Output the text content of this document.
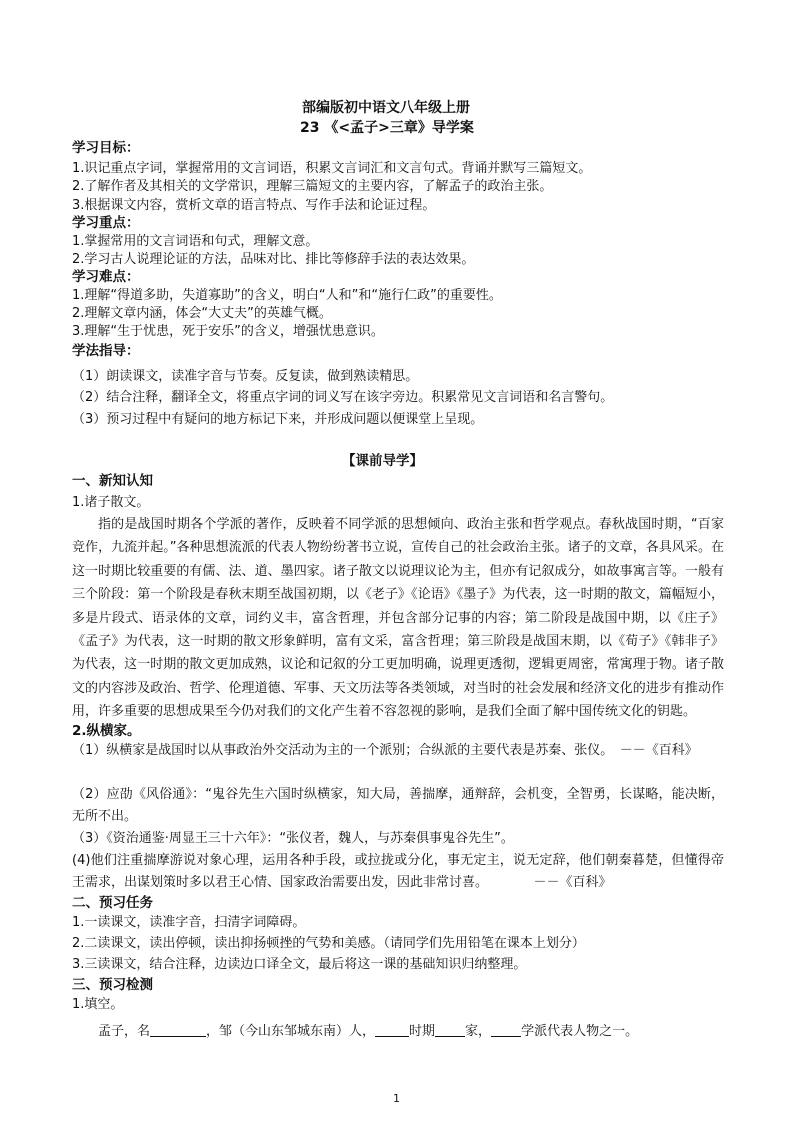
部编版初中语文八年级上册
23 《<孟子>三章》导学案
学习目标：
1.识记重点字词，掌握常用的文言词语，积累文言词汇和文言句式。背诵并默写三篇短文。
2.了解作者及其相关的文学常识，理解三篇短文的主要内容，了解孟子的政治主张。
3.根据课文内容，赏析文章的语言特点、写作手法和论证过程。
学习重点：
1.掌握常用的文言词语和句式，理解文意。
2.学习古人说理论证的方法，品味对比、排比等修辞手法的表达效果。
学习难点：
1.理解“得道多助，失道寡助”的含义，明白“人和”和“施行仁政”的重要性。
2.理解文章内涵，体会“大丈夫”的英雄气概。
3.理解“生于忧患，死于安乐”的含义，增强忧患意识。
学法指导：
（1）朗读课文，读准字音与节奏。反复读，做到熟读精思。
（2）结合注释，翻译全文，将重点字词的词义写在该字旁边。积累常见文言词语和名言警句。
（3）预习过程中有疑问的地方标记下来，并形成问题以便课堂上呈现。
【课前导学】
一、新知认知
1.诸子散文。
指的是战国时期各个学派的著作，反映着不同学派的思想倾向、政治主张和哲学观点。春秋战国时期，“百家竞作，九流并起。”各种思想流派的代表人物纷纷著书立说，宣传自己的社会政治主张。诸子的文章，各具风采。在这一时期比较重要的有儒、法、道、墨四家。诸子散文以说理议论为主，但亦有记叙成分，如故事寓言等。一般有三个阶段：第一个阶段是春秋末期至战国初期，以《老子》《论语》《墨子》为代表，这一时期的散文，篇幅短小，多是片段式、语录体的文章，词约义丰，富含哲理，并包含部分记事的内容；第二阶段是战国中期，以《庄子》《孟子》为代表，这一时期的散文形象鲜明，富有文采，富含哲理；第三阶段是战国末期，以《荀子》《韩非子》为代表，这一时期的散文更加成熟，议论和记叙的分工更加明确，说理更透彻，逻辑更周密，常寓理于物。诸子散文的内容涉及政治、哲学、伦理道德、军事、天文历法等各类领域，对当时的社会发展和经济文化的进步有推动作用，许多重要的思想成果至今仍对我们的文化产生着不容忽视的影响，是我们全面了解中国传统文化的钥匙。
2.纵横家。
（1）纵横家是战国时以从事政治外交活动为主的一个派别；合纵派的主要代表是苏秦、张仪。　－－《百科》
（2）应劭《风俗通》：“鬼谷先生六国时纵横家，知大局，善揣摩，通辩辞，会机变，全智勇，长谋略，能决断，无所不出。
（3）《资治通鉴·周显王三十六年》：“张仪者，魏人，与苏秦俱事鬼谷先生”。
(4)他们注重揣摩游说对象心理，运用各种手段，或拉拢或分化，事无定主，说无定辞，他们朝秦暮楚，但懂得帝王需求，出谋划策时多以君王心情、国家政治需要出发，因此非常讨喜。　　　　－－《百科》
二、预习任务
1.一读课文，读准字音，扫清字词障碍。
2.二读课文，读出停顿，读出抑扬顿挫的气势和美感。（请同学们先用铅笔在课本上划分）
3.三读课文，结合注释，边读边口译全文，最后将这一课的基础知识归纳整理。
三、预习检测
1.填空。
孟子，名	，邹（今山东邹城东南）人，	时期 家， 学派代表人物之一。
1
